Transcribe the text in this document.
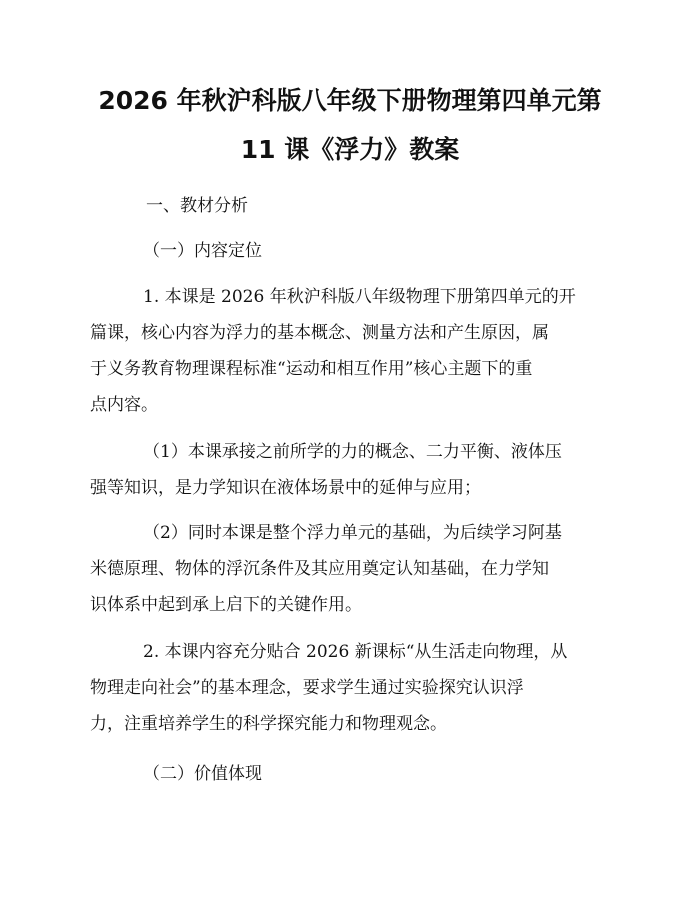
2026 年秋沪科版八年级下册物理第四单元第
11 课《浮力》教案
一、教材分析
（一）内容定位
1. 本课是 2026 年秋沪科版八年级物理下册第四单元的开
篇课，核心内容为浮力的基本概念、测量方法和产生原因，属
于义务教育物理课程标准“运动和相互作用”核心主题下的重
点内容。
（1）本课承接之前所学的力的概念、二力平衡、液体压
强等知识，是力学知识在液体场景中的延伸与应用；
（2）同时本课是整个浮力单元的基础，为后续学习阿基
米德原理、物体的浮沉条件及其应用奠定认知基础，在力学知
识体系中起到承上启下的关键作用。
2. 本课内容充分贴合 2026 新课标“从生活走向物理，从
物理走向社会”的基本理念，要求学生通过实验探究认识浮
力，注重培养学生的科学探究能力和物理观念。
（二）价值体现
